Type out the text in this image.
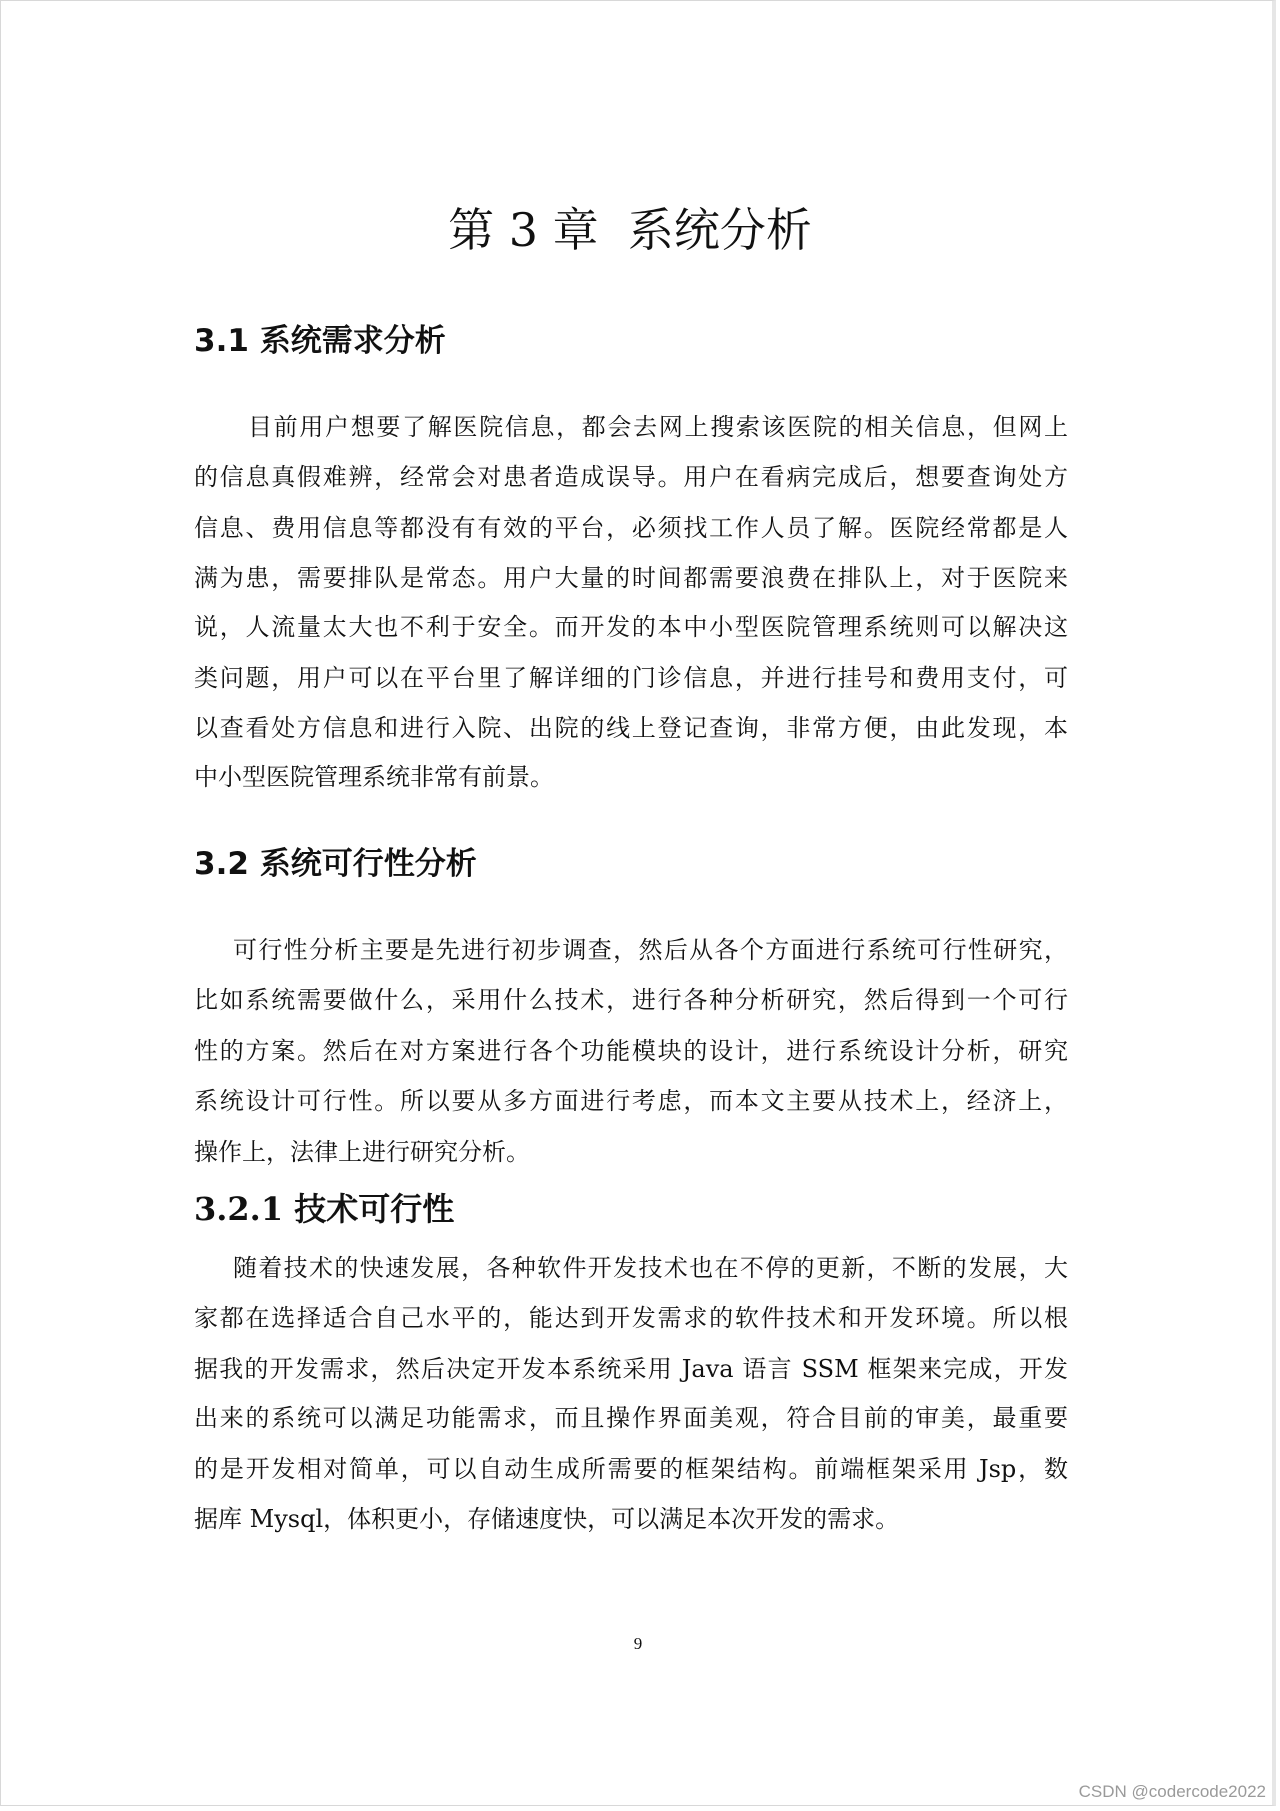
第 3 章  系统分析
3.1 系统需求分析
目前用户想要了解医院信息，都会去网上搜索该医院的相关信息，但网上
的信息真假难辨，经常会对患者造成误导。用户在看病完成后，想要查询处方
信息、费用信息等都没有有效的平台，必须找工作人员了解。医院经常都是人
满为患，需要排队是常态。用户大量的时间都需要浪费在排队上，对于医院来
说，人流量太大也不利于安全。而开发的本中小型医院管理系统则可以解决这
类问题，用户可以在平台里了解详细的门诊信息，并进行挂号和费用支付，可
以查看处方信息和进行入院、出院的线上登记查询，非常方便，由此发现，本
中小型医院管理系统非常有前景。
3.2 系统可行性分析
可行性分析主要是先进行初步调查，然后从各个方面进行系统可行性研究，
比如系统需要做什么，采用什么技术，进行各种分析研究，然后得到一个可行
性的方案。然后在对方案进行各个功能模块的设计，进行系统设计分析，研究
系统设计可行性。所以要从多方面进行考虑，而本文主要从技术上，经济上，
操作上，法律上进行研究分析。
3.2.1 技术可行性
随着技术的快速发展，各种软件开发技术也在不停的更新，不断的发展，大
家都在选择适合自己水平的，能达到开发需求的软件技术和开发环境。所以根
据我的开发需求，然后决定开发本系统采用 Java 语言 SSM 框架来完成，开发
出来的系统可以满足功能需求，而且操作界面美观，符合目前的审美，最重要
的是开发相对简单，可以自动生成所需要的框架结构。前端框架采用 Jsp，数
据库 Mysql，体积更小，存储速度快，可以满足本次开发的需求。
9
CSDN @codercode2022
